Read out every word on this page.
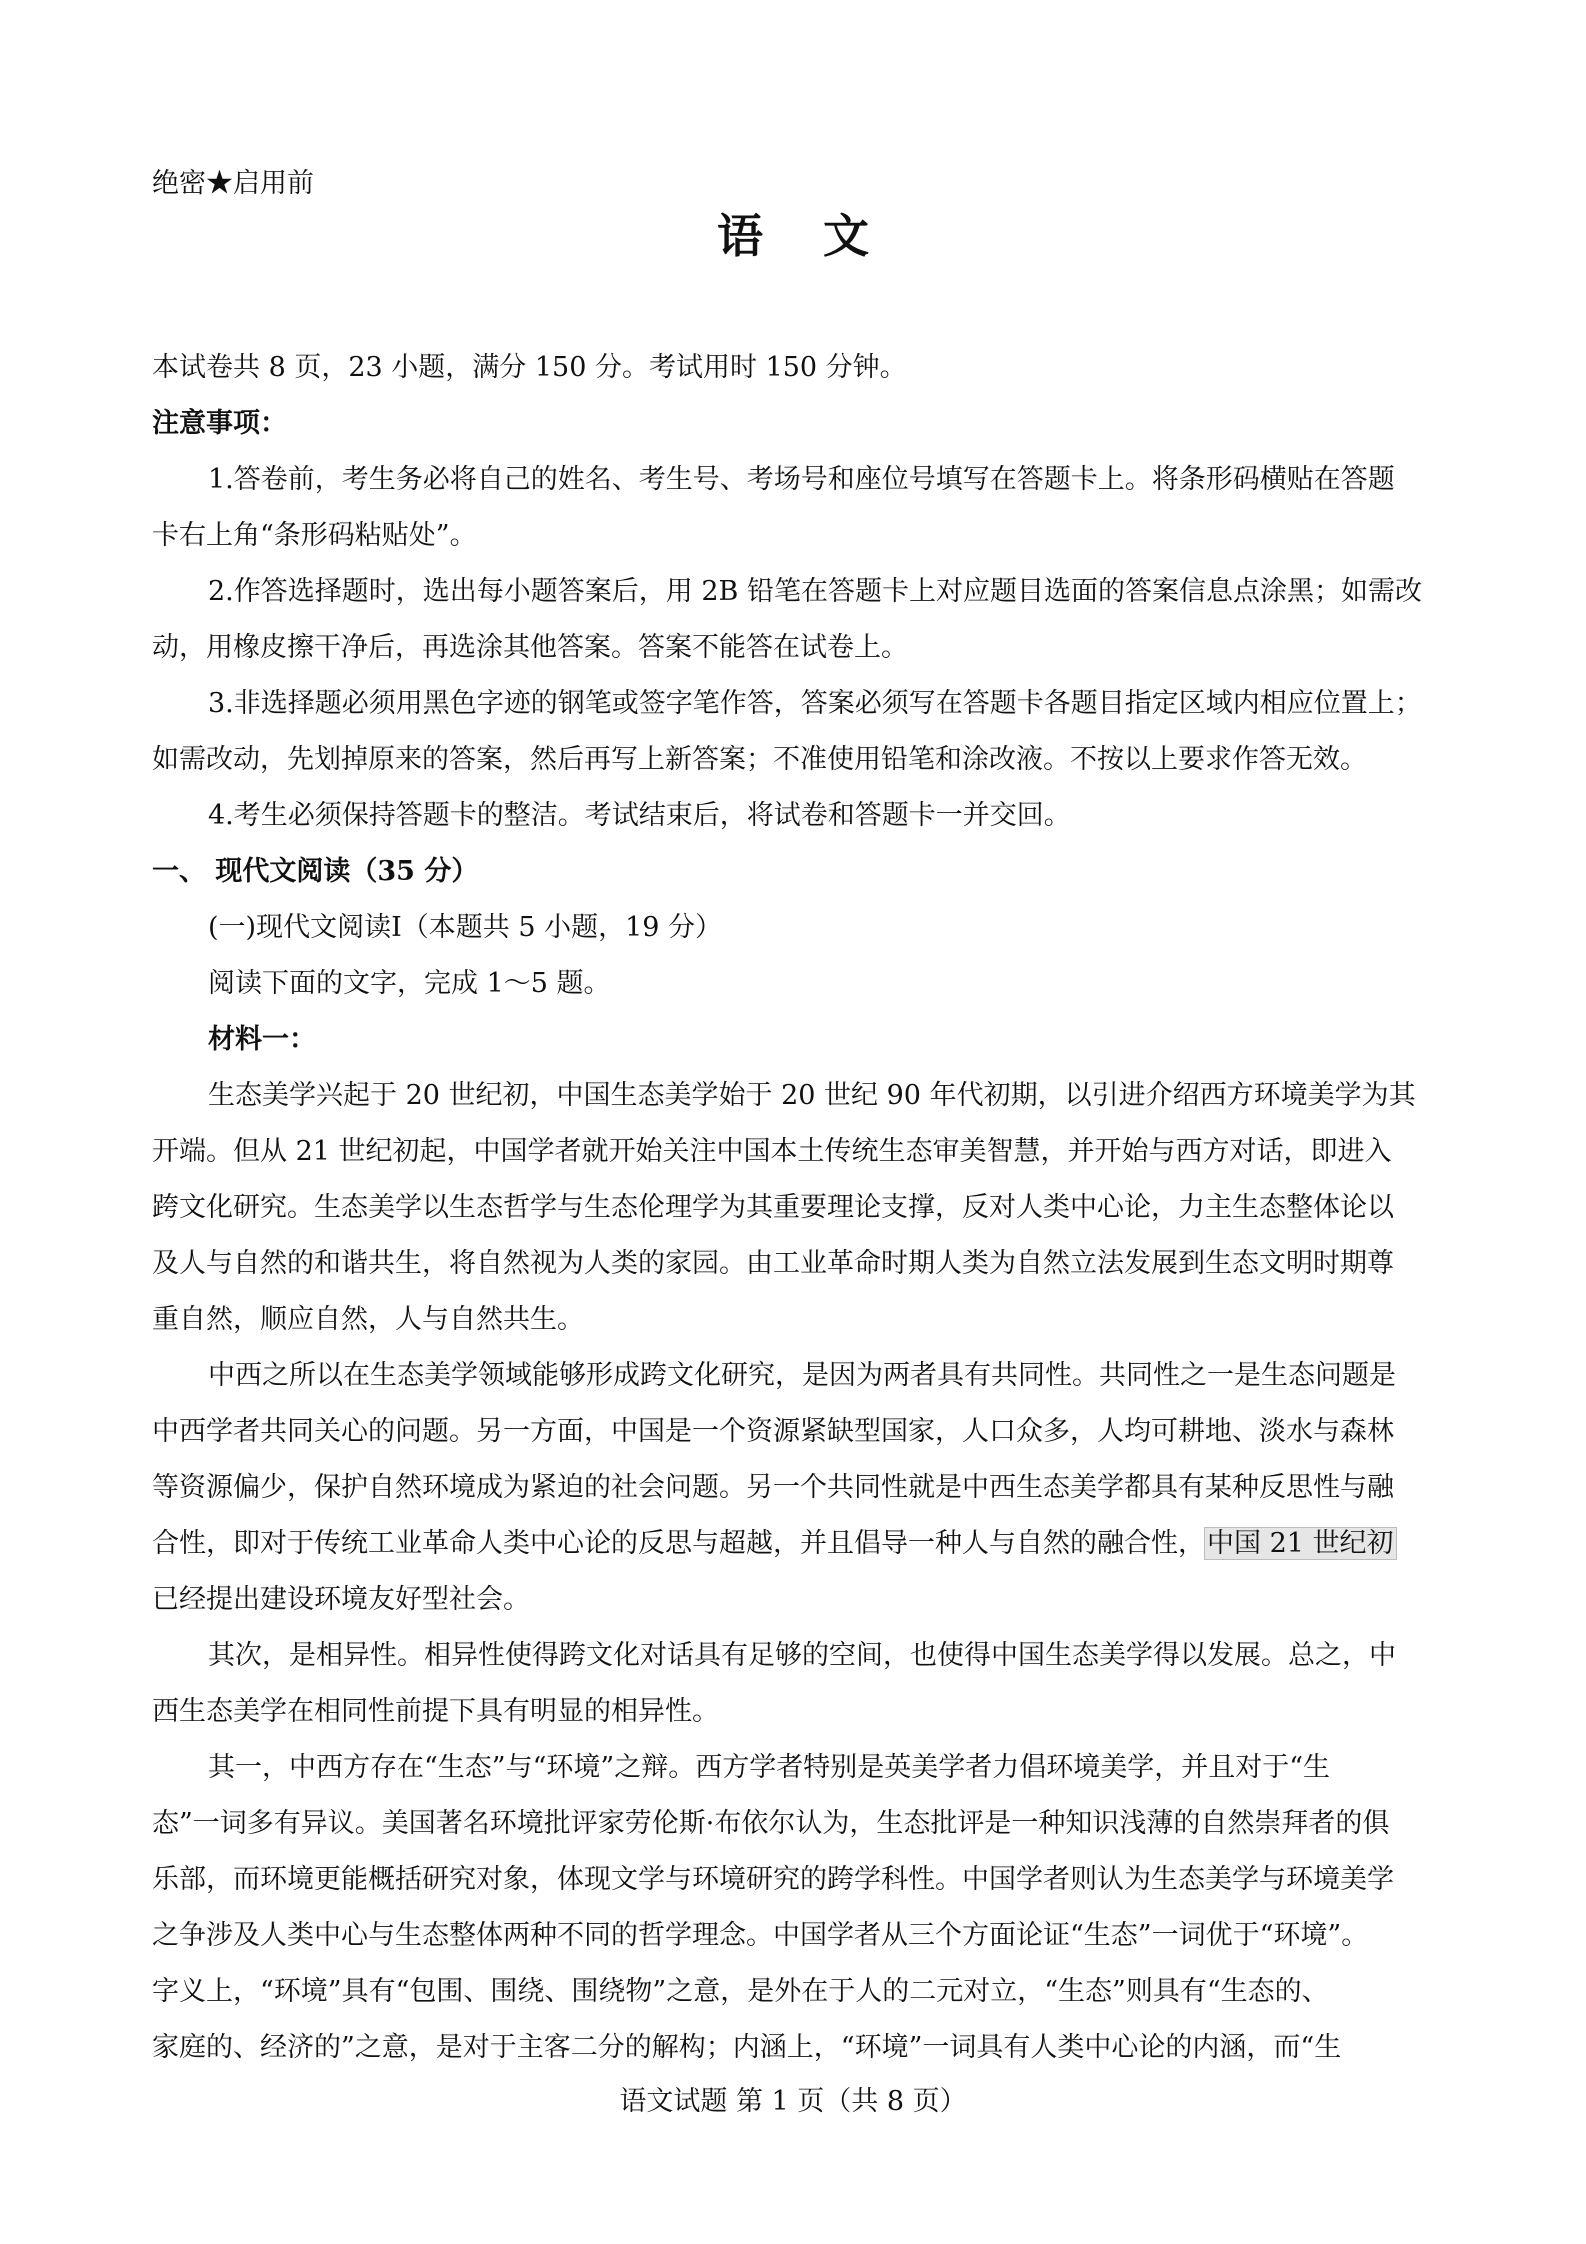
绝密★启用前
语 文
本试卷共 8 页，23 小题，满分 150 分。考试用时 150 分钟。
注意事项：
1.答卷前，考生务必将自己的姓名、考生号、考场号和座位号填写在答题卡上。将条形码横贴在答题
卡右上角“条形码粘贴处”。
2.作答选择题时，选出每小题答案后，用 2B 铅笔在答题卡上对应题目选面的答案信息点涂黑；如需改
动，用橡皮擦干净后，再选涂其他答案。答案不能答在试卷上。
3.非选择题必须用黑色字迹的钢笔或签字笔作答，答案必须写在答题卡各题目指定区域内相应位置上；
如需改动，先划掉原来的答案，然后再写上新答案；不准使用铅笔和涂改液。不按以上要求作答无效。
4.考生必须保持答题卡的整洁。考试结束后，将试卷和答题卡一并交回。
一、 现代文阅读（35 分）
(一)现代文阅读Ⅰ（本题共 5 小题，19 分）
阅读下面的文字，完成 1～5 题。
材料一：
生态美学兴起于 20 世纪初，中国生态美学始于 20 世纪 90 年代初期，以引进介绍西方环境美学为其
开端。但从 21 世纪初起，中国学者就开始关注中国本土传统生态审美智慧，并开始与西方对话，即进入
跨文化研究。生态美学以生态哲学与生态伦理学为其重要理论支撑，反对人类中心论，力主生态整体论以
及人与自然的和谐共生，将自然视为人类的家园。由工业革命时期人类为自然立法发展到生态文明时期尊
重自然，顺应自然，人与自然共生。
中西之所以在生态美学领域能够形成跨文化研究，是因为两者具有共同性。共同性之一是生态问题是
中西学者共同关心的问题。另一方面，中国是一个资源紧缺型国家，人口众多，人均可耕地、淡水与森林
等资源偏少，保护自然环境成为紧迫的社会问题。另一个共同性就是中西生态美学都具有某种反思性与融
合性，即对于传统工业革命人类中心论的反思与超越，并且倡导一种人与自然的融合性，中国 21 世纪初
已经提出建设环境友好型社会。
其次，是相异性。相异性使得跨文化对话具有足够的空间，也使得中国生态美学得以发展。总之，中
西生态美学在相同性前提下具有明显的相异性。
其一，中西方存在“生态”与“环境”之辩。西方学者特别是英美学者力倡环境美学，并且对于“生
态”一词多有异议。美国著名环境批评家劳伦斯·布依尔认为，生态批评是一种知识浅薄的自然崇拜者的俱
乐部，而环境更能概括研究对象，体现文学与环境研究的跨学科性。中国学者则认为生态美学与环境美学
之争涉及人类中心与生态整体两种不同的哲学理念。中国学者从三个方面论证“生态”一词优于“环境”。
字义上，“环境”具有“包围、围绕、围绕物”之意，是外在于人的二元对立，“生态”则具有“生态的、
家庭的、经济的”之意，是对于主客二分的解构；内涵上，“环境”一词具有人类中心论的内涵，而“生
语文试题 第 1 页（共 8 页）
